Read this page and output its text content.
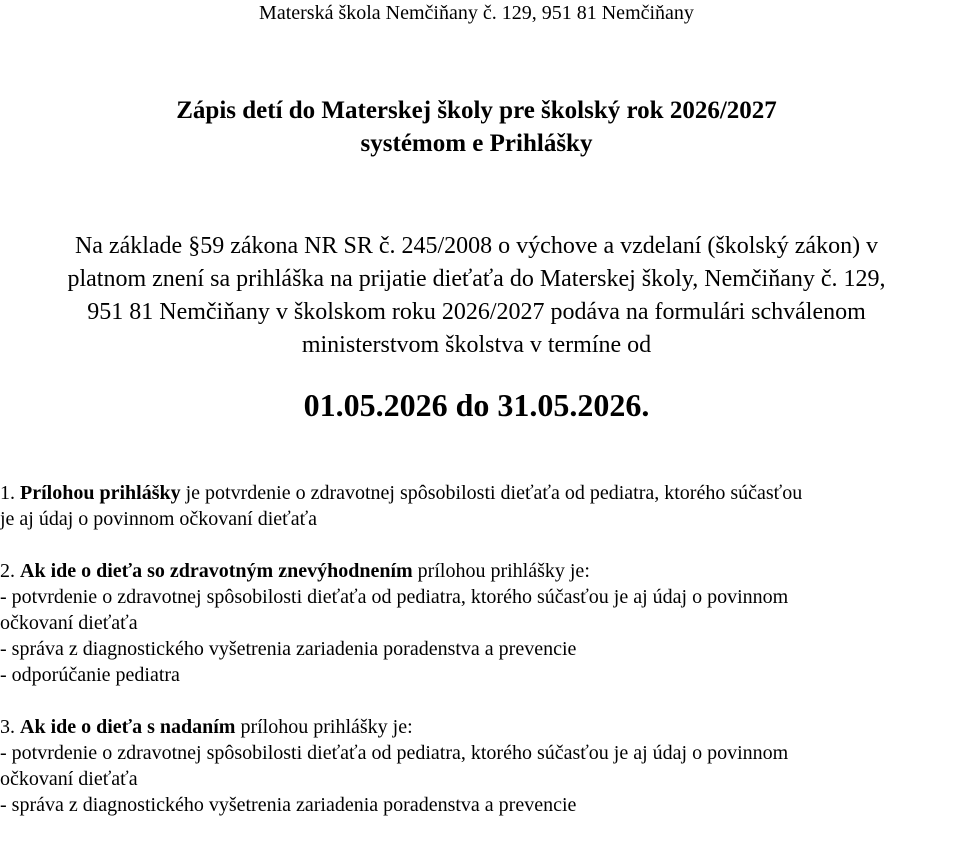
Materská škola Nemčiňany č. 129, 951 81 Nemčiňany
Zápis detí do Materskej školy pre školský rok 2026/2027
systémom e Prihlášky
Na základe §59 zákona NR SR č. 245/2008 o výchove a vzdelaní (školský zákon) v
platnom znení sa prihláška na prijatie dieťaťa do Materskej školy, Nemčiňany č. 129,
951 81 Nemčiňany v školskom roku 2026/2027 podáva na formulári schválenom
ministerstvom školstva v termíne od
01.05.2026 do 31.05.2026.
1. Prílohou prihlášky je potvrdenie o zdravotnej spôsobilosti dieťaťa od pediatra, ktorého súčasťou
je aj údaj o povinnom očkovaní dieťaťa
2. Ak ide o dieťa so zdravotným znevýhodnením prílohou prihlášky je:
- potvrdenie o zdravotnej spôsobilosti dieťaťa od pediatra, ktorého súčasťou je aj údaj o povinnom
očkovaní dieťaťa
- správa z diagnostického vyšetrenia zariadenia poradenstva a prevencie
- odporúčanie pediatra
3. Ak ide o dieťa s nadaním prílohou prihlášky je:
- potvrdenie o zdravotnej spôsobilosti dieťaťa od pediatra, ktorého súčasťou je aj údaj o povinnom
očkovaní dieťaťa
- správa z diagnostického vyšetrenia zariadenia poradenstva a prevencie
